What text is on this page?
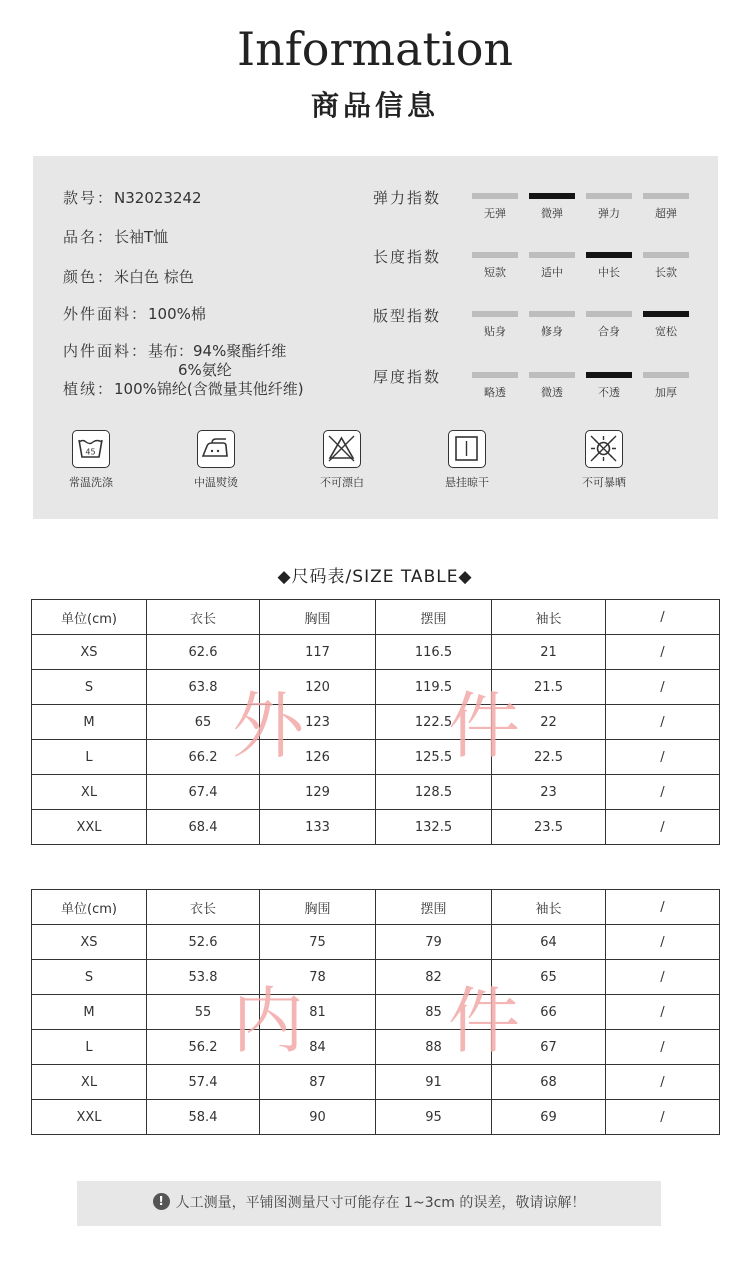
Information
商品信息
款号：N32023242
品名：长袖T恤
颜色：米白色 棕色
外件面料：100%棉
内件面料：基布：94%聚酯纤维
6%氨纶
植绒：100%锦纶(含微量其他纤维)
弹力指数
无弹	微弹	弹力	超弹
长度指数
短款	适中	中长	长款
版型指数
贴身	修身	合身	宽松
厚度指数
略透	微透	不透	加厚
45
常温洗涤	中温熨烫	不可漂白	悬挂晾干	不可暴晒
◆尺码表/SIZE TABLE◆
单位(cm)	衣长	胸围	摆围	袖长	/
XS	62.6	117	116.5	21	/
S	63.8	120	119.5	21.5	/
M	65	123	122.5	22	/
L	66.2	126	125.5	22.5	/
XL	67.4	129	128.5	23	/
XXL	68.4	133	132.5	23.5	/
单位(cm)	衣长	胸围	摆围	袖长	/
XS	52.6	75	79	64	/
S	53.8	78	82	65	/
M	55	81	85	66	/
L	56.2	84	88	67	/
XL	57.4	87	91	68	/
XXL	58.4	90	95	69	/
外 件
内 件
! 人工测量，平铺图测量尺寸可能存在 1~3cm 的误差，敬请谅解！
